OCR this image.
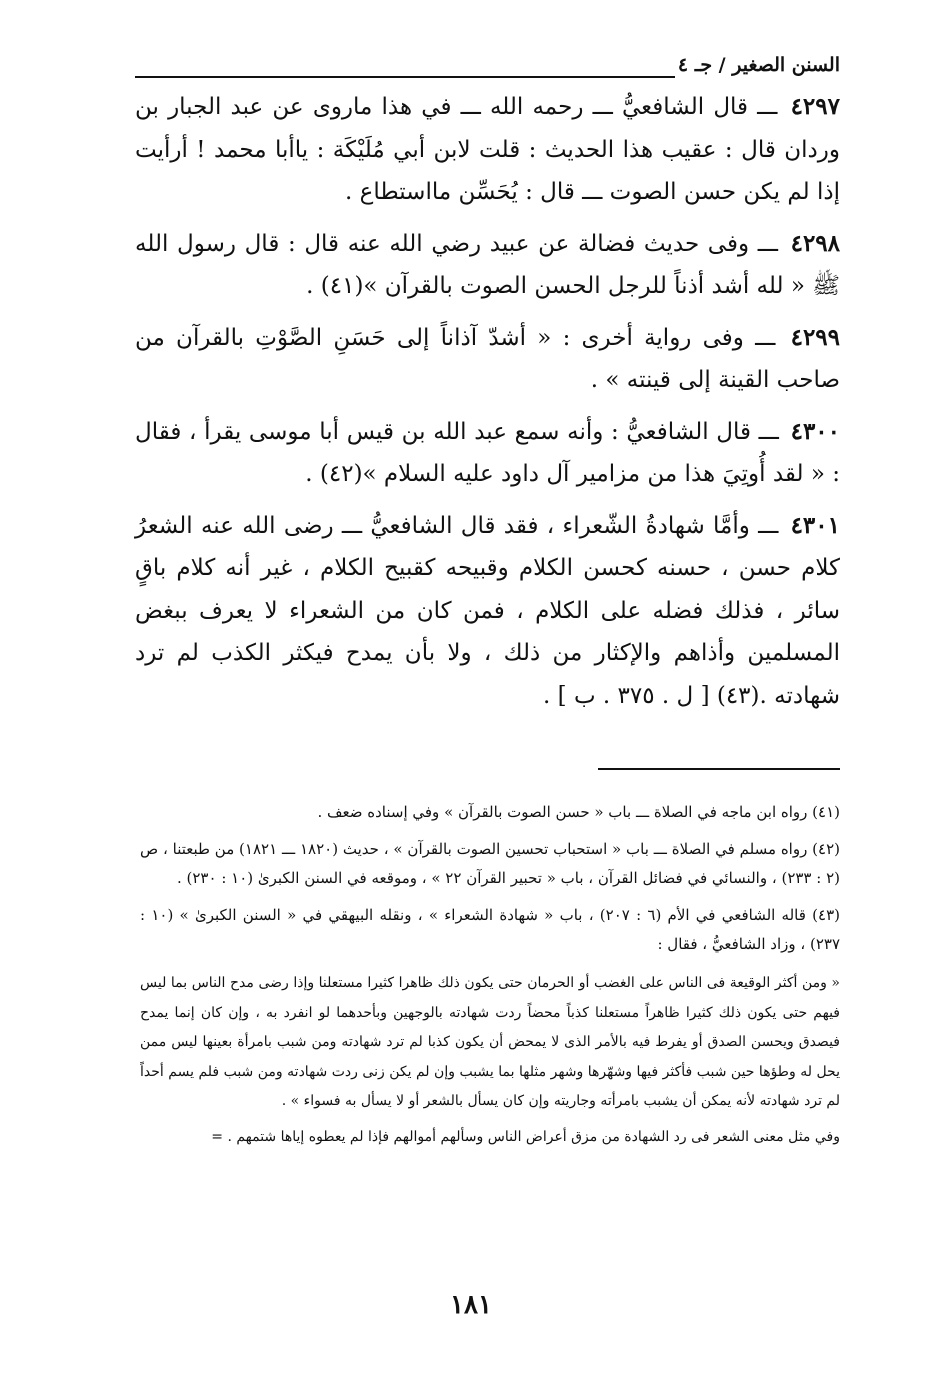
السنن الصغير / جـ ٤

٤٢٩٧ ـــ قال الشافعيُّ ـــ رحمه الله ـــ في هذا ماروى عن عبد الجبار بن وردان قال : عقيب هذا الحديث : قلت لابن أبي مُلَيْكَة : ياأبا محمد ! أرأيت إذا لم يكن حسن الصوت ـــ قال : يُحَسِّن مااستطاع .

٤٢٩٨ ـــ وفى حديث فضالة عن عبيد رضي الله عنه قال : قال رسول الله ﷺ « لله أشد أذناً للرجل الحسن الصوت بالقرآن »(٤١) .

٤٢٩٩ ـــ وفى رواية أخرى : « أشدّ آذاناً إلى حَسَنِ الصَّوْتِ بالقرآن من صاحب القينة إلى قينته » .

٤٣٠٠ ـــ قال الشافعيُّ : وأنه سمع عبد الله بن قيس أبا موسى يقرأ ، فقال : « لقد أُوتِيَ هذا من مزامير آل داود عليه السلام »(٤٢) .

٤٣٠١ ـــ وأمَّا شهادةُ الشّعراء ، فقد قال الشافعيُّ ـــ رضى الله عنه الشعرُ كلام حسن ، حسنه كحسن الكلام وقبيحه كقبيح الكلام ، غير أنه كلام باقٍ سائر ، فذلك فضله على الكلام ، فمن كان من الشعراء لا يعرف ببغض المسلمين وأذاهم والإكثار من ذلك ، ولا بأن يمدح فيكثر الكذب لم ترد شهادته .(٤٣) [ ل . ٣٧٥ . ب ] .

(٤١) رواه ابن ماجه في الصلاة ـــ باب « حسن الصوت بالقرآن » وفي إسناده ضعف .

(٤٢) رواه مسلم في الصلاة ـــ باب « استحباب تحسين الصوت بالقرآن » ، حديث (١٨٢٠ ـــ ١٨٢١) من طبعتنا ، ص (٢ : ٢٣٣) ، والنسائي في فضائل القرآن ، باب « تحبير القرآن ٢٢ » ، وموقعه في السنن الكبرىٰ (١٠ : ٢٣٠) .

(٤٣) قاله الشافعي في الأم (٦ : ٢٠٧) ، باب « شهادة الشعراء » ، ونقله البيهقي في « السنن الكبرىٰ » (١٠ : ٢٣٧) ، وزاد الشافعيُّ ، فقال :

« ومن أكثر الوقيعة فى الناس على الغضب أو الحرمان حتى يكون ذلك ظاهرا كثيرا مستعلنا وإذا رضى مدح الناس بما ليس فيهم حتى يكون ذلك كثيرا ظاهراً مستعلنا كذباً محضاً ردت شهادته بالوجهين وبأحدهما لو انفرد به ، وإن كان إنما يمدح فيصدق ويحسن الصدق أو يفرط فيه بالأمر الذى لا يمحض أن يكون كذبا لم ترد شهادته ومن شبب بامرأة بعينها ليس ممن يحل له وطؤها حين شبب فأكثر فيها وشهّرها وشهر مثلها بما يشبب وإن لم يكن زنى ردت شهادته ومن شبب فلم يسم أحداً لم ترد شهادته لأنه يمكن أن يشبب بامرأته وجاريته وإن كان يسأل بالشعر أو لا يسأل به فسواء » .

وفي مثل معنى الشعر فى رد الشهادة من مزق أعراض الناس وسألهم أموالهم فإذا لم يعطوه إياها شتمهم . =

١٨١
